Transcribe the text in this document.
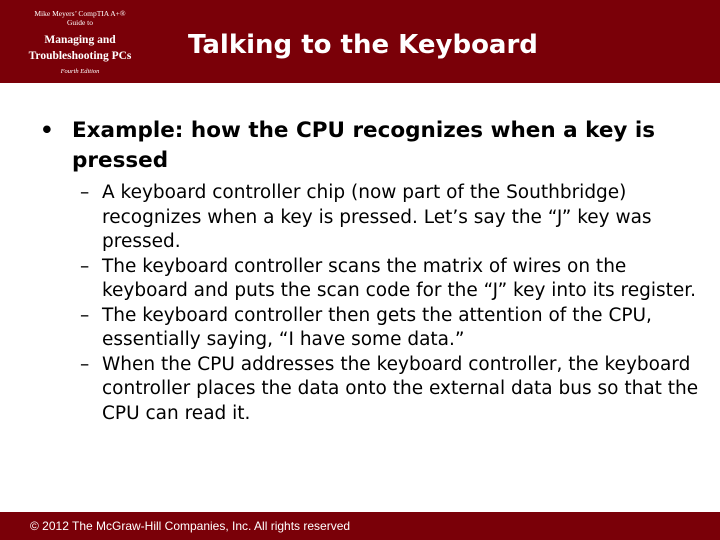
Mike Meyers’ CompTIA A+®
Guide to
Managing and
Troubleshooting PCs
Fourth Edition
Talking to the Keyboard
• Example: how the CPU recognizes when a key is pressed
– A keyboard controller chip (now part of the Southbridge) recognizes when a key is pressed. Let’s say the “J” key was pressed.
– The keyboard controller scans the matrix of wires on the keyboard and puts the scan code for the “J” key into its register.
– The keyboard controller then gets the attention of the CPU, essentially saying, “I have some data.”
– When the CPU addresses the keyboard controller, the keyboard controller places the data onto the external data bus so that the CPU can read it.
© 2012 The McGraw-Hill Companies, Inc. All rights reserved
